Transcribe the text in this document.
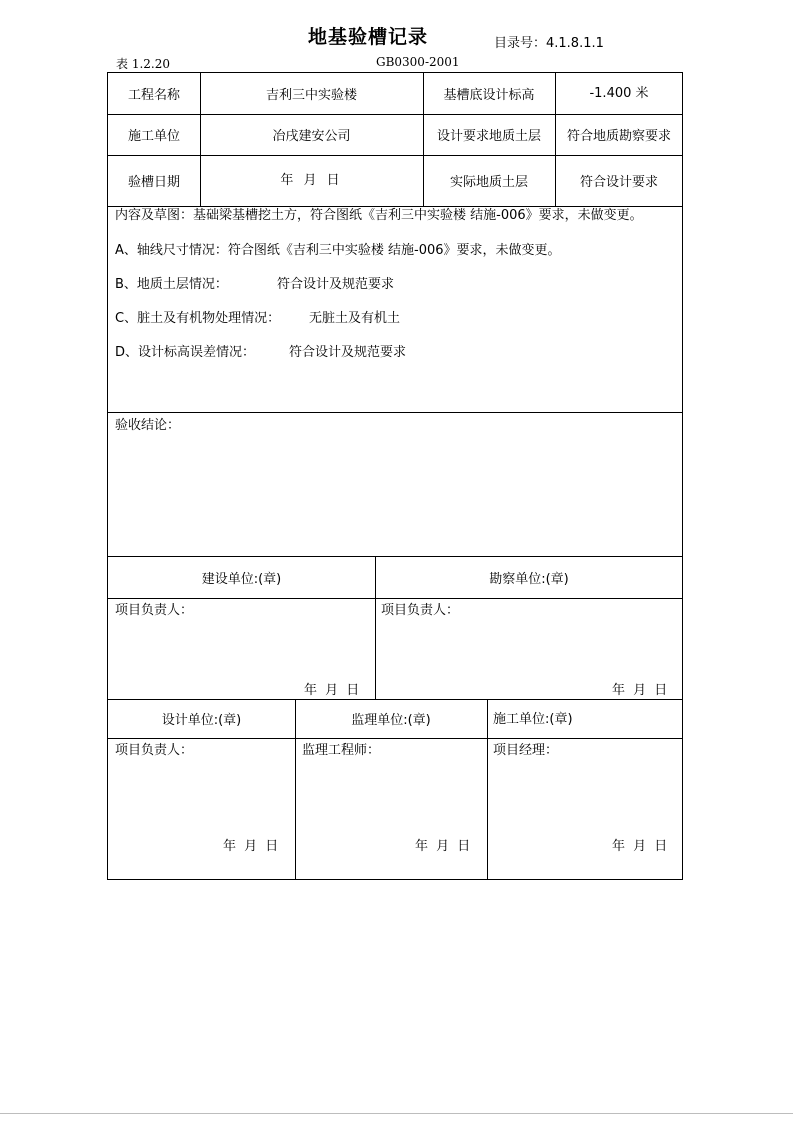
地基验槽记录	目录号：4.1.8.1.1
表 1.2.20	GB0300-2001
工程名称	吉利三中实验楼	基槽底设计标高	-1.400 米
施工单位	冶戌建安公司	设计要求地质土层	符合地质勘察要求
验槽日期	年 月 日	实际地质土层	符合设计要求
内容及草图：基础梁基槽挖土方，符合图纸《吉利三中实验楼 结施-006》要求，未做变更。
A、轴线尺寸情况：符合图纸《吉利三中实验楼 结施-006》要求，未做变更。
B、地质土层情况：	符合设计及规范要求
C、脏土及有机物处理情况： 无脏土及有机土
D、设计标高误差情况：	符合设计及规范要求
验收结论：
建设单位:(章)	勘察单位:(章)
项目负责人：	项目负责人：
年 月 日	年 月 日
设计单位:(章)	监理单位:(章)	施工单位:(章)
项目负责人：	监理工程师：	项目经理：
年 月 日	年 月 日	年 月 日
